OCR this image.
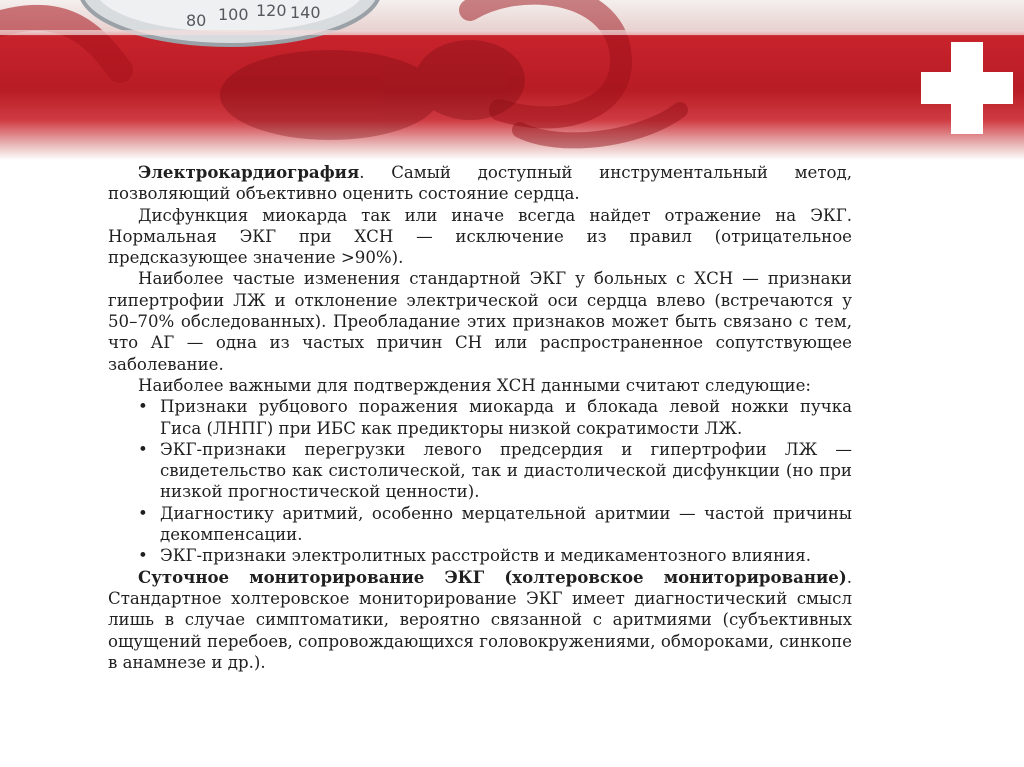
80 100 120 140

Электрокардиография. Самый доступный инструментальный метод, позволяющий объективно оценить состояние сердца.

Дисфункция миокарда так или иначе всегда найдет отражение на ЭКГ. Нормальная ЭКГ при ХСН — исключение из правил (отрицательное предсказующее значение >90%).

Наиболее частые изменения стандартной ЭКГ у больных с ХСН — признаки гипертрофии ЛЖ и отклонение электрической оси сердца влево (встречаются у 50–70% обследованных). Преобладание этих признаков может быть связано с тем, что АГ — одна из частых причин СН или распространенное сопутствующее заболевание.

Наиболее важными для подтверждения ХСН данными считают следующие:

• Признаки рубцового поражения миокарда и блокада левой ножки пучка Гиса (ЛНПГ) при ИБС как предикторы низкой сократимости ЛЖ.
• ЭКГ-признаки перегрузки левого предсердия и гипертрофии ЛЖ — свидетельство как систолической, так и диастолической дисфункции (но при низкой прогностической ценности).
• Диагностику аритмий, особенно мерцательной аритмии — частой причины декомпенсации.
• ЭКГ-признаки электролитных расстройств и медикаментозного влияния.

Суточное мониторирование ЭКГ (холтеровское мониторирование). Стандартное холтеровское мониторирование ЭКГ имеет диагностический смысл лишь в случае симптоматики, вероятно связанной с аритмиями (субъективных ощущений перебоев, сопровождающихся головокружениями, обмороками, синкопе в анамнезе и др.).
